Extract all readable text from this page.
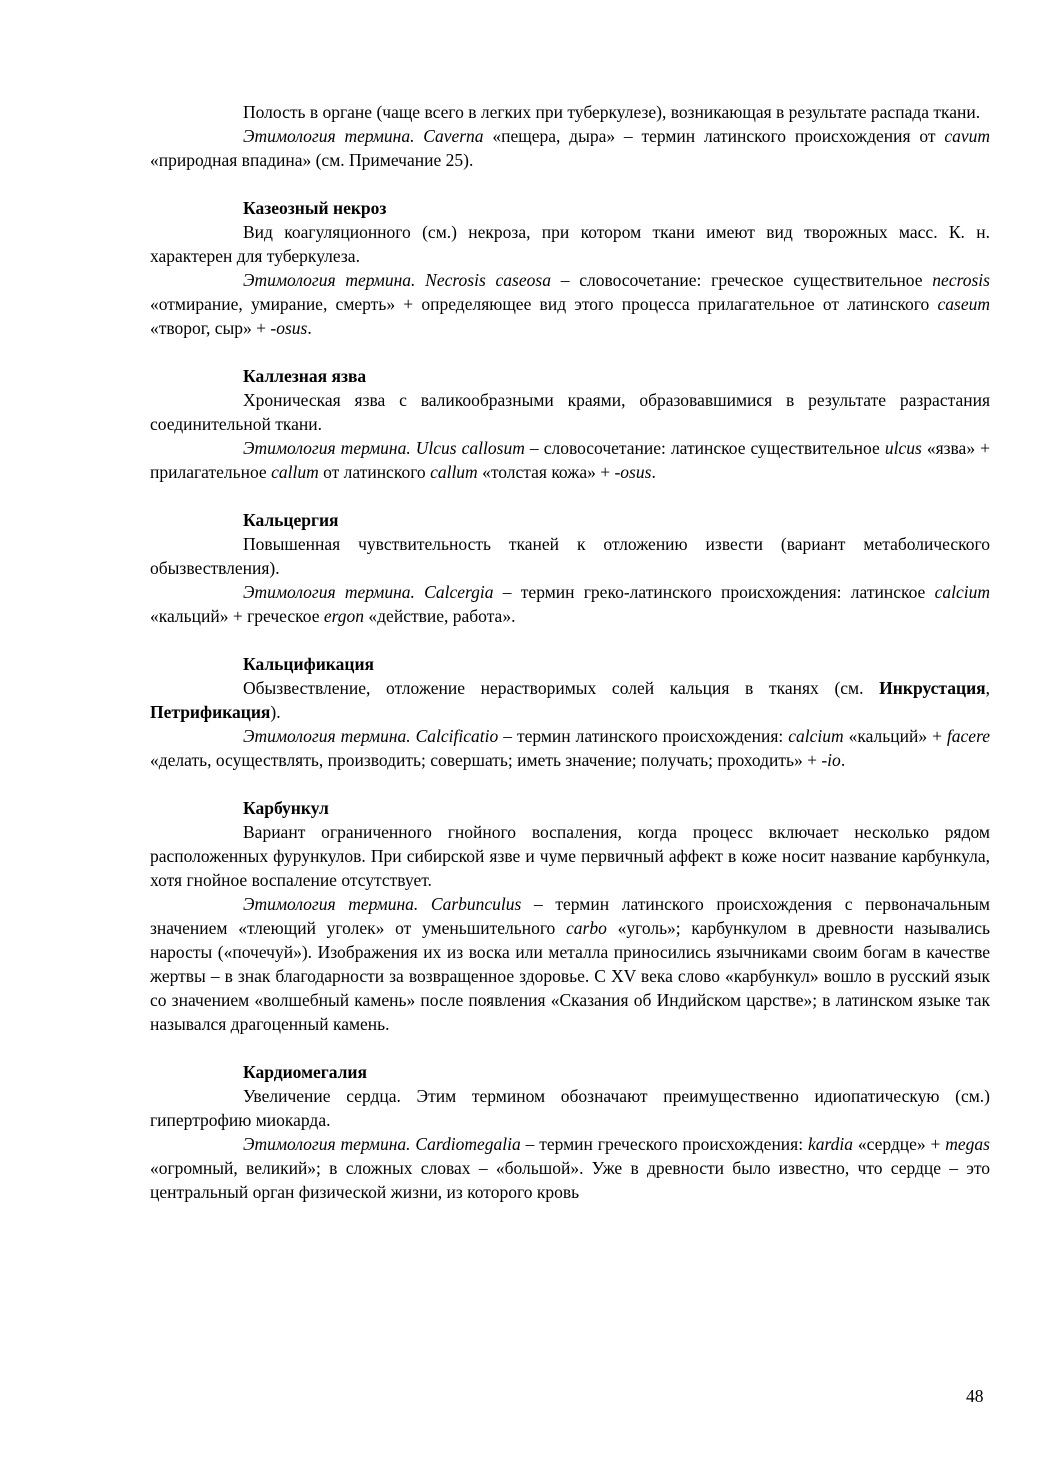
Полость в органе (чаще всего в легких при туберкулезе), возникающая в результате распада ткани.

Этимология термина. Caverna «пещера, дыра» – термин латинского происхождения от cavum «природная впадина» (см. Примечание 25).

Казеозный некроз

Вид коагуляционного (см.) некроза, при котором ткани имеют вид творожных масс. К. н. характерен для туберкулеза.

Этимология термина. Necrosis caseosa – словосочетание: греческое существительное necrosis «отмирание, умирание, смерть» + определяющее вид этого процесса прилагательное от латинского caseum «творог, сыр» + -osus.

Каллезная язва

Хроническая язва с валикообразными краями, образовавшимися в результате разрастания соединительной ткани.

Этимология термина. Ulcus callosum – словосочетание: латинское существительное ulcus «язва» + прилагательное callum от латинского callum «толстая кожа» + -osus.

Кальцергия

Повышенная чувствительность тканей к отложению извести (вариант метаболического обызвествления).

Этимология термина. Calcergia – термин греко-латинского происхождения: латинское calcium «кальций» + греческое ergon «действие, работа».

Кальцификация

Обызвествление, отложение нерастворимых солей кальция в тканях (см. Инкрустация, Петрификация).

Этимология термина. Calcificatio – термин латинского происхождения: calcium «кальций» + facere «делать, осуществлять, производить; совершать; иметь значение; получать; проходить» + -io.

Карбункул

Вариант ограниченного гнойного воспаления, когда процесс включает несколько рядом расположенных фурункулов. При сибирской язве и чуме первичный аффект в коже носит название карбункула, хотя гнойное воспаление отсутствует.

Этимология термина. Carbunculus – термин латинского происхождения с первоначальным значением «тлеющий уголек» от уменьшительного carbo «уголь»; карбункулом в древности назывались наросты («почечуй»). Изображения их из воска или металла приносились язычниками своим богам в качестве жертвы – в знак благодарности за возвращенное здоровье. С XV века слово «карбункул» вошло в русский язык со значением «волшебный камень» после появления «Сказания об Индийском царстве»; в латинском языке так назывался драгоценный камень.

Кардиомегалия

Увеличение сердца. Этим термином обозначают преимущественно идиопатическую (см.) гипертрофию миокарда.

Этимология термина. Cardiomegalia – термин греческого происхождения: kardia «сердце» + megas «огромный, великий»; в сложных словах – «большой». Уже в древности было известно, что сердце – это центральный орган физической жизни, из которого кровь

48
